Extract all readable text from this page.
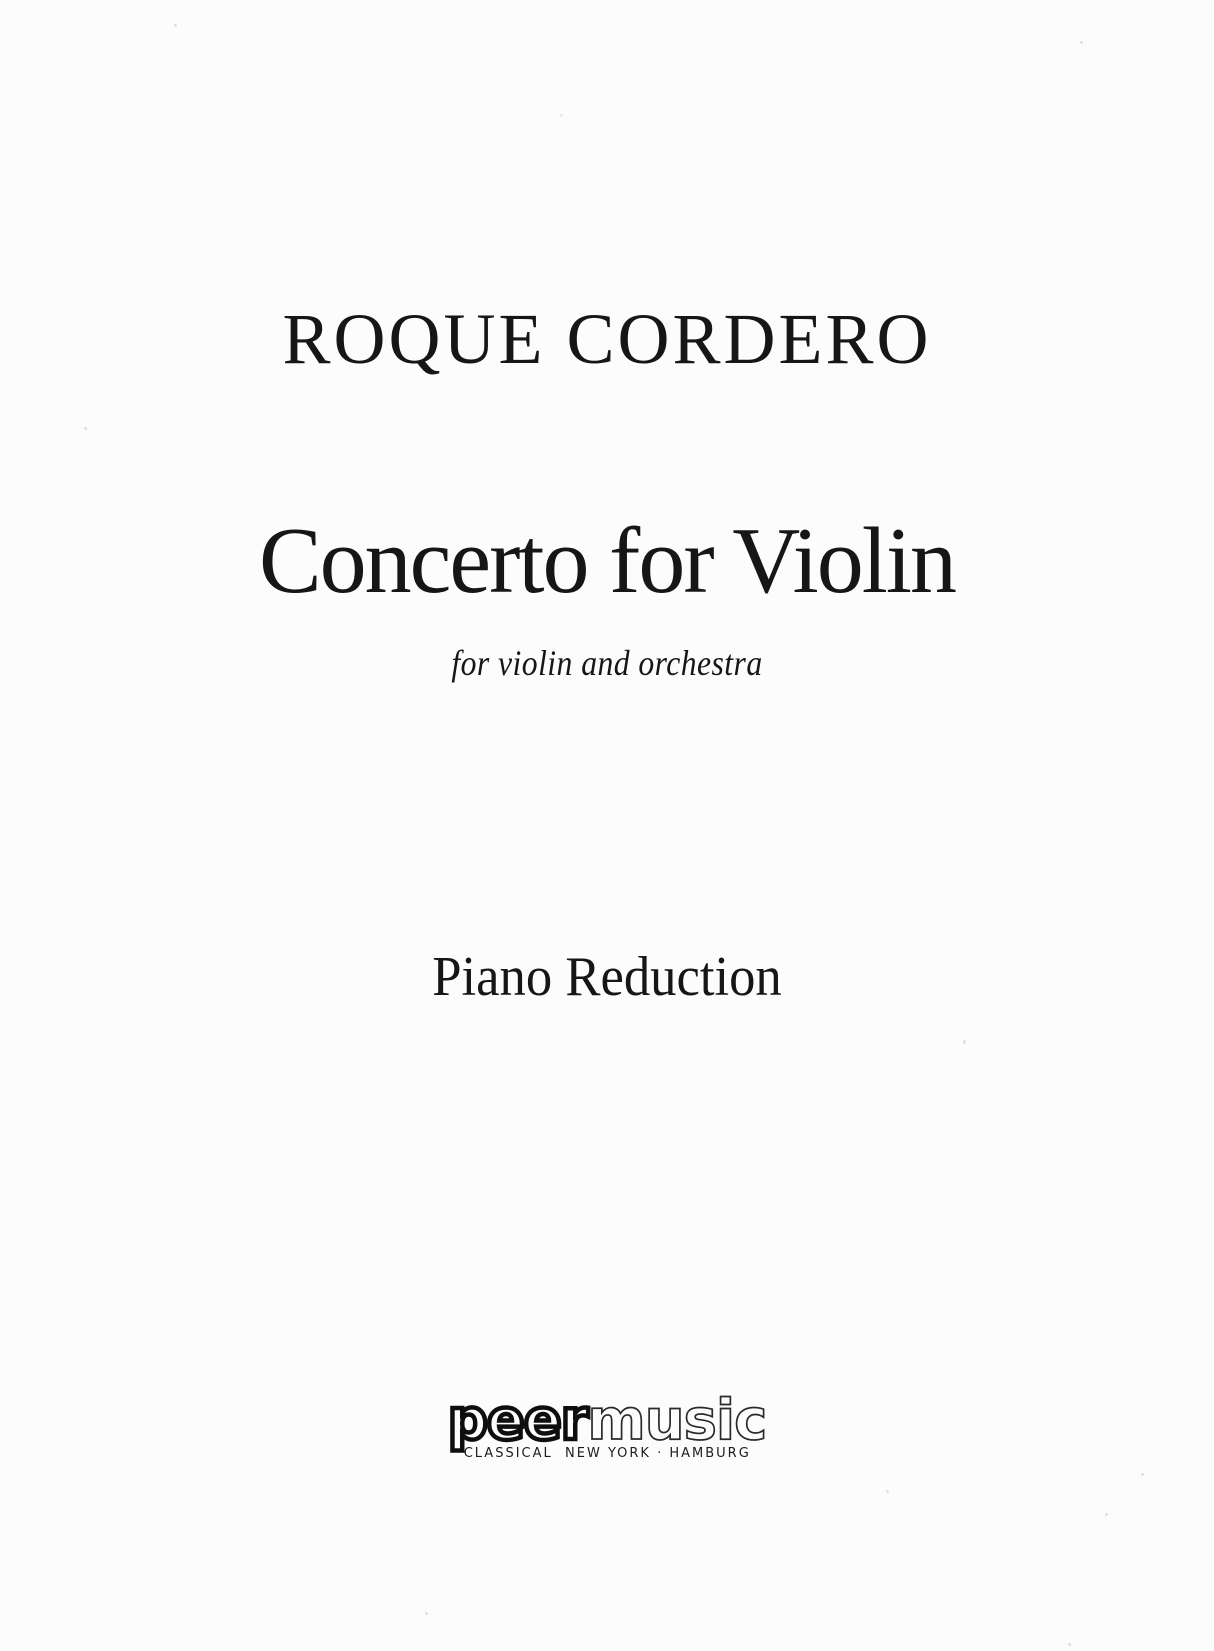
ROQUE CORDERO
Concerto for Violin
for violin and orchestra
Piano Reduction
peermusic
CLASSICAL  NEW YORK · HAMBURG
